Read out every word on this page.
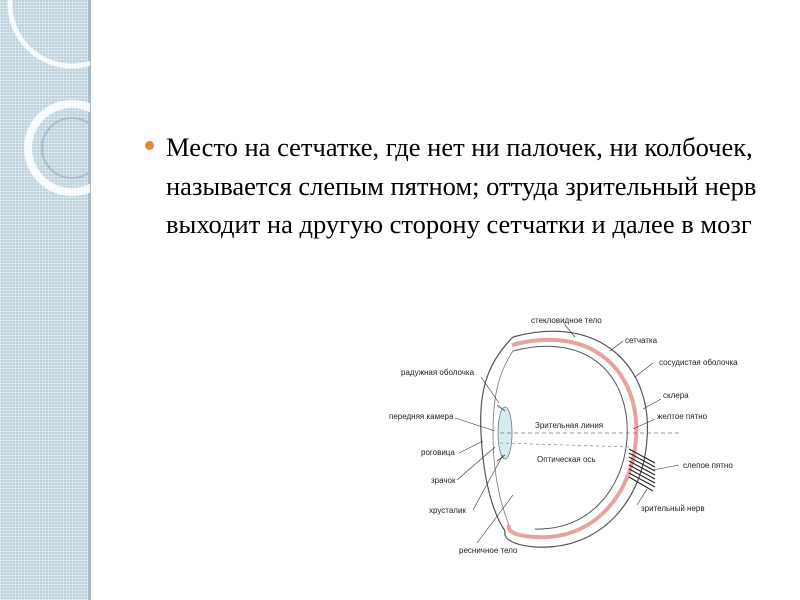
Место на сетчатке, где нет ни палочек, ни колбочек, называется слепым пятном; оттуда зрительный нерв выходит на другую сторону сетчатки и далее в мозг
стекловидное тело
сетчатка
сосудистая оболочка
радужная оболочка
склера
передняя камера	желтое пятно
Зрительная линия
роговица
Оптическая ось
слепое пятно
зрачок
хрусталик	зрительный нерв
ресничное тело
